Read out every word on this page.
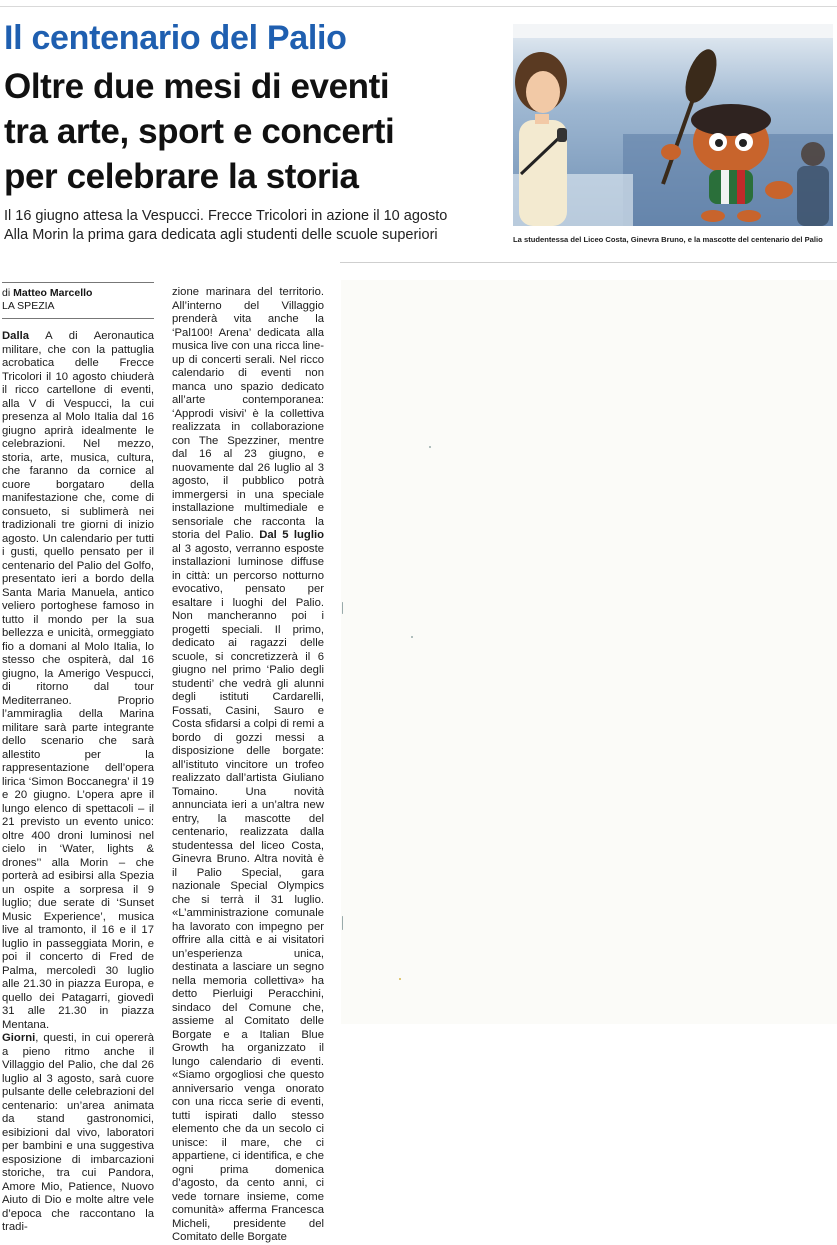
Il centenario del Palio
Oltre due mesi di eventi
tra arte, sport e concerti
per celebrare la storia
Il 16 giugno attesa la Vespucci. Frecce Tricolori in azione il 10 agosto
Alla Morin la prima gara dedicata agli studenti delle scuole superiori	La studentessa del Liceo Costa, Ginevra Bruno, e la mascotte del centenario del Palio
di Matteo Marcello
LA SPEZIA

Dalla A di Aeronautica militare, che con la pattuglia acrobatica delle Frecce Tricolori il 10 agosto chiuderà il ricco cartellone di eventi, alla V di Vespucci, la cui presenza al Molo Italia dal 16 giugno aprirà idealmente le celebrazioni. Nel mezzo, storia, arte, musica, cultura, che faranno da cornice al cuore borgataro della manifestazione che, come di consueto, si sublimerà nei tradizionali tre giorni di inizio agosto. Un calendario per tutti i gusti, quello pensato per il centenario del Palio del Golfo, presentato ieri a bordo della Santa Maria Manuela, antico veliero portoghese famoso in tutto il mondo per la sua bellezza e unicità, ormeggiato fio a domani al Molo Italia, lo stesso che ospiterà, dal 16 giugno, la Amerigo Vespucci, di ritorno dal tour Mediterraneo. Proprio l’ammiraglia della Marina militare sarà parte integrante dello scenario che sarà allestito per la rappresentazione dell’opera lirica ‘Simon Boccanegra’ il 19 e 20 giugno. L’opera apre il lungo elenco di spettacoli – il 21 previsto un evento unico: oltre 400 droni luminosi nel cielo in ‘Water, lights & drones’’ alla Morin – che porterà ad esibirsi alla Spezia un ospite a sorpresa il 9 luglio; due serate di ‘Sunset Music Experience’, musica live al tramonto, il 16 e il 17 luglio in passeggiata Morin, e poi il concerto di Fred de Palma, mercoledì 30 luglio alle 21.30 in piazza Europa, e quello dei Patagarri, giovedì 31 alle 21.30 in piazza Mentana.

Giorni, questi, in cui opererà a pieno ritmo anche il Villaggio del Palio, che dal 26 luglio al 3 agosto, sarà cuore pulsante delle celebrazioni del centenario: un’area animata da stand gastronomici, esibizioni dal vivo, laboratori per bambini e una suggestiva esposizione di imbarcazioni storiche, tra cui Pandora, Amore Mio, Patience, Nuovo Aiuto di Dio e molte altre vele d’epoca che raccontano la tradi-

zione marinara del territorio. All’interno del Villaggio prenderà vita anche la ‘Pal100! Arena’ dedicata alla musica live con una ricca line-up di concerti serali. Nel ricco calendario di eventi non manca uno spazio dedicato all’arte contemporanea: ‘Approdi visivi’ è la collettiva realizzata in collaborazione con The Spezziner, mentre dal 16 al 23 giugno, e nuovamente dal 26 luglio al 3 agosto, il pubblico potrà immergersi in una speciale installazione multimediale e sensoriale che racconta la storia del Palio. Dal 5 luglio al 3 agosto, verranno esposte installazioni luminose diffuse in città: un percorso notturno evocativo, pensato per esaltare i luoghi del Palio. Non mancheranno poi i progetti speciali. Il primo, dedicato ai ragazzi delle scuole, si concretizzerà il 6 giugno nel primo ‘Palio degli studenti’ che vedrà gli alunni degli istituti Cardarelli, Fossati, Casini, Sauro e Costa sfidarsi a colpi di remi a bordo di gozzi messi a disposizione delle borgate: all’istituto vincitore un trofeo realizzato dall’artista Giuliano Tomaino. Una novità annunciata ieri a un’altra new entry, la mascotte del centenario, realizzata dalla studentessa del liceo Costa, Ginevra Bruno. Altra novità è il Palio Special, gara nazionale Special Olympics che si terrà il 31 luglio. «L’amministrazione comunale ha lavorato con impegno per offrire alla città e ai visitatori un’esperienza unica, destinata a lasciare un segno nella memoria collettiva» ha detto Pierluigi Peracchini, sindaco del Comune che, assieme al Comitato delle Borgate e a Italian Blue Growth ha organizzato il lungo calendario di eventi. «Siamo orgogliosi che questo anniversario venga onorato con una ricca serie di eventi, tutti ispirati dallo stesso elemento che da un secolo ci unisce: il mare, che ci appartiene, ci identifica, e che ogni prima domenica d’agosto, da cento anni, ci vede tornare insieme, come comunità» afferma Francesca Micheli, presidente del Comitato delle Borgate
